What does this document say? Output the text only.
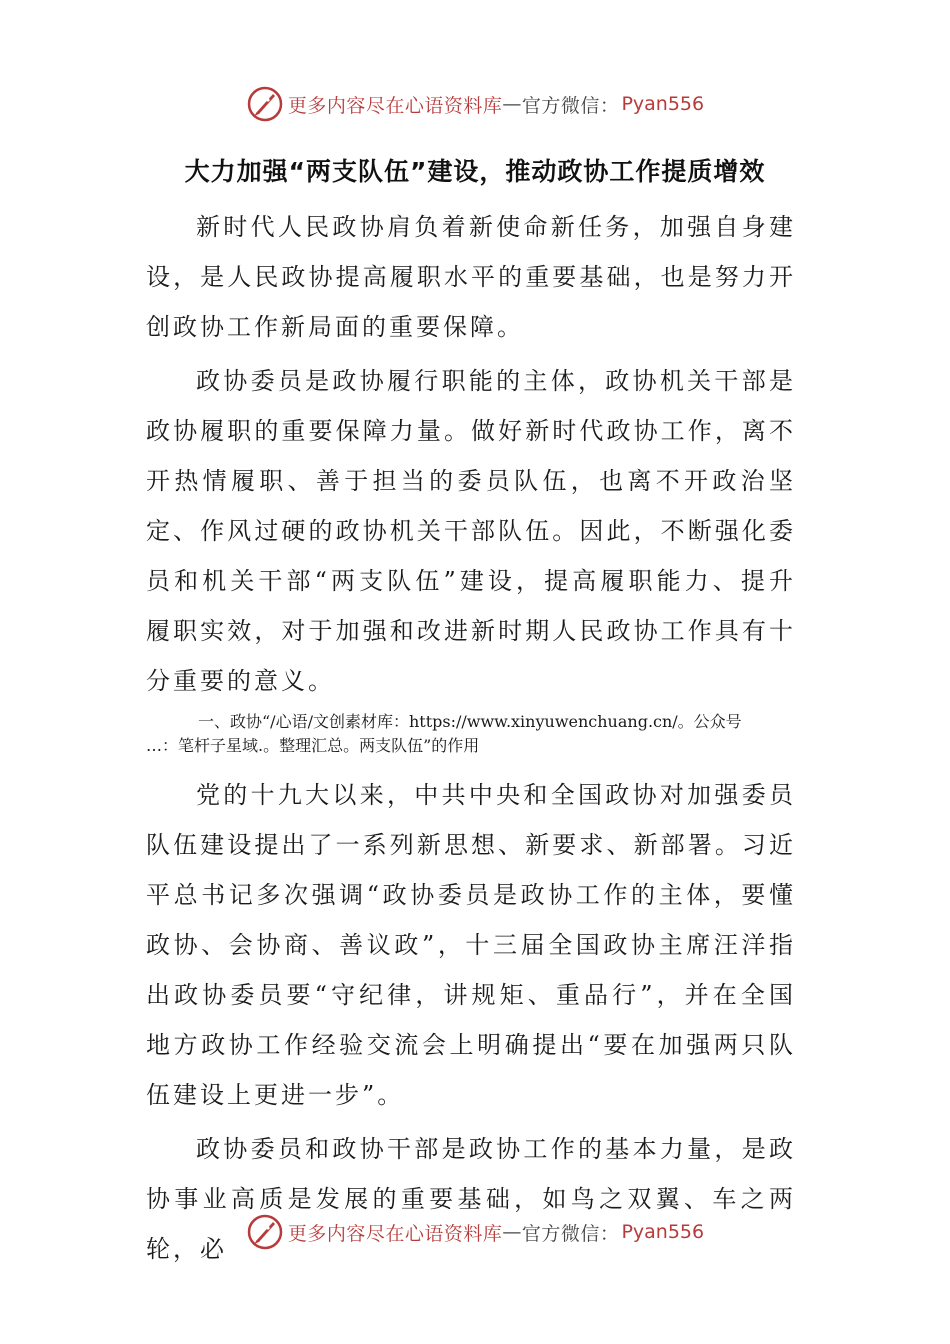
更多内容尽在心语资料库 — 官方微信： Pyan556
大力加强“两支队伍”建设，推动政协工作提质增效

新时代人民政协肩负着新使命新任务，加强自身建设，是人民政协提高履职水平的重要基础，也是努力开创政协工作新局面的重要保障。

政协委员是政协履行职能的主体，政协机关干部是政协履职的重要保障力量。做好新时代政协工作，离不开热情履职、善于担当的委员队伍，也离不开政治坚定、作风过硬的政协机关干部队伍。因此，不断强化委员和机关干部“两支队伍”建设，提高履职能力、提升履职实效，对于加强和改进新时期人民政协工作具有十分重要的意义。

一、政协“/心语/文创素材库：https://www.xinyuwenchuang.cn/。公众号
…：笔杆子星域.。整理汇总。两支队伍”的作用

党的十九大以来，中共中央和全国政协对加强委员队伍建设提出了一系列新思想、新要求、新部署。习近平总书记多次强调“政协委员是政协工作的主体，要懂政协、会协商、善议政”，十三届全国政协主席汪洋指出政协委员要“守纪律，讲规矩、重品行”，并在全国地方政协工作经验交流会上明确提出“要在加强两只队伍建设上更进一步”。

政协委员和政协干部是政协工作的基本力量，是政协事业高质是发展的重要基础，如鸟之双翼、车之两轮，必

更多内容尽在心语资料库 — 官方微信： Pyan556
